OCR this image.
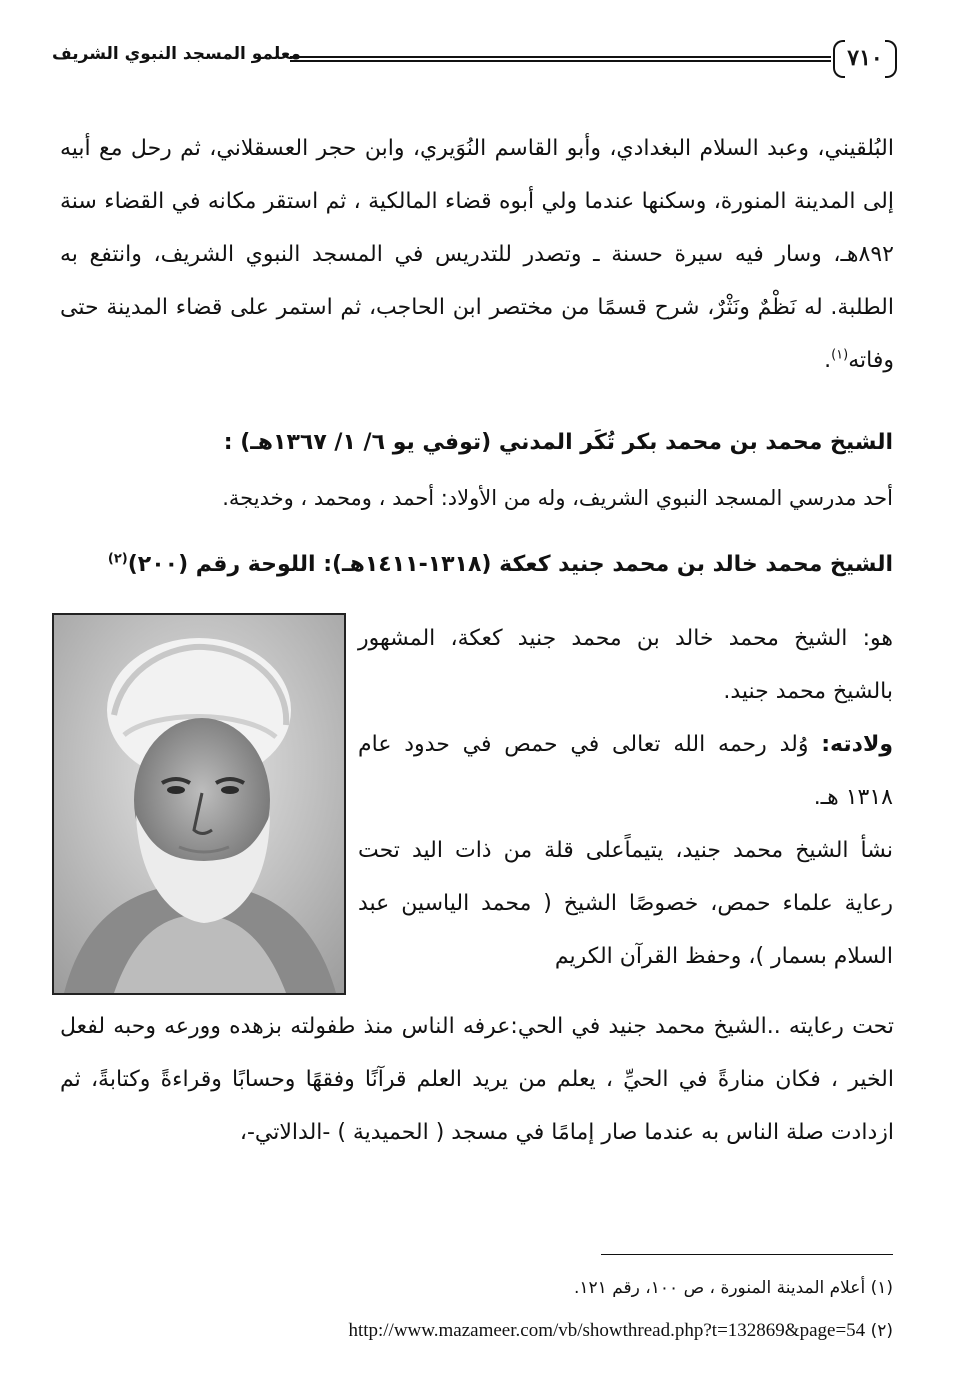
٧١٠
معلمو المسجد النبوي الشريف
البُلقيني، وعبد السلام البغدادي، وأبو القاسم النُوَيري، وابن حجر العسقلاني، ثم رحل مع أبيه إلى المدينة المنورة، وسكنها عندما ولي أبوه قضاء المالكية ، ثم استقر مكانه في القضاء سنة ٨٩٢هـ، وسار فيه سيرة حسنة ـ وتصدر للتدريس في المسجد النبوي الشريف، وانتفع به الطلبة. له نَظْمٌ ونَثْرٌ، شرح قسمًا من مختصر ابن الحاجب، ثم استمر على قضاء المدينة حتى وفاته$^{(١)}$.
الشيخ محمد بن محمد بكر تُكَر المدني (توفي يو ٦/ ١/ ١٣٦٧هـ) :
أحد مدرسي المسجد النبوي الشريف، وله من الأولاد: أحمد ، ومحمد ، وخديجة.
الشيخ محمد خالد بن محمد جنيد كعكة (١٣١٨-١٤١١هـ): اللوحة رقم (٢٠٠)$^{(٢)}$
هو: الشيخ محمد خالد بن محمد جنيد كعكة، المشهور بالشيخ محمد جنيد.
ولادته: وُلد رحمه الله تعالى في حمص في حدود عام ١٣١٨ هـ.
نشأ الشيخ محمد جنيد، يتيماًعلى قلة من ذات اليد تحت رعاية علماء حمص، خصوصًا الشيخ ( محمد الياسين عبد السلام بسمار )، وحفظ القرآن الكريم
تحت رعايته ..الشيخ محمد جنيد في الحي:عرفه الناس منذ طفولته بزهده وورعه وحبه لفعل الخير ، فكان منارةً في الحيِّ ، يعلم من يريد العلم قرآنًا وفقهًا وحسابًا وقراءةً وكتابةً، ثم ازدادت صلة الناس به عندما صار إمامًا في مسجد ( الحميدية ) -الدالاتي-،
(١) أعلام المدينة المنورة ، ص ١٠٠، رقم ١٢١.
(٢) http://www.mazameer.com/vb/showthread.php?t=132869&page=54
